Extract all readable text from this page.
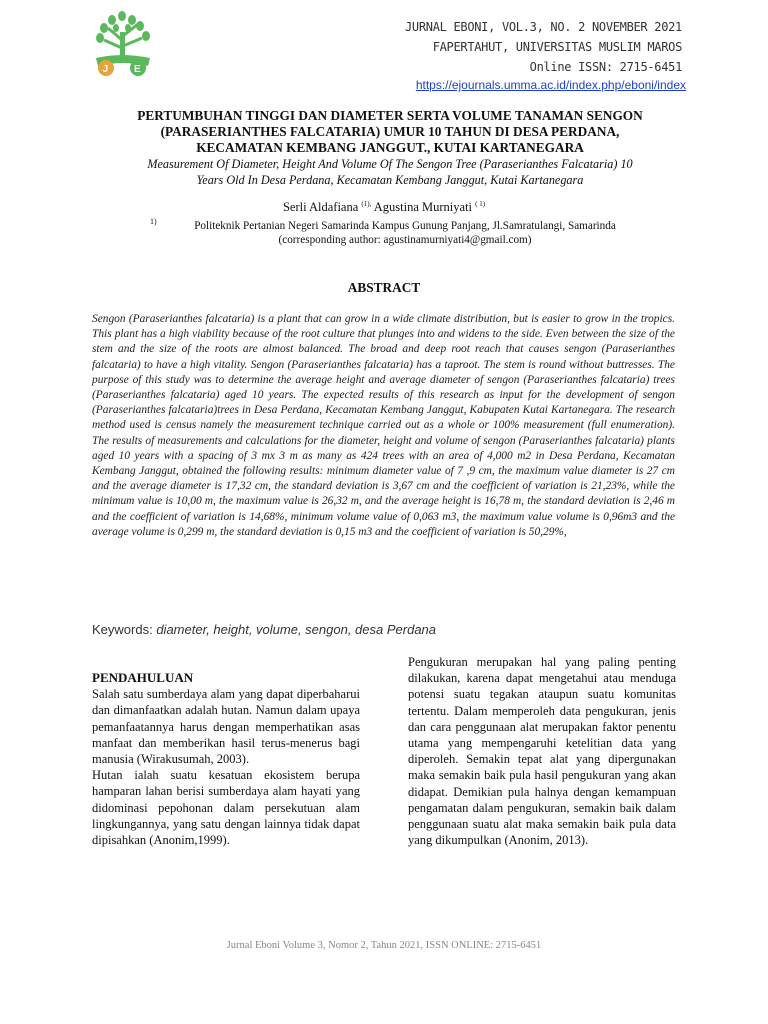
J	E
JURNAL EBONI, VOL.3, NO. 2 NOVEMBER 2021
FAPERTAHUT, UNIVERSITAS MUSLIM MAROS
Online ISSN: 2715-6451
https://ejournals.umma.ac.id/index.php/eboni/index
PERTUMBUHAN TINGGI DAN DIAMETER SERTA VOLUME TANAMAN SENGON
(PARASERIANTHES FALCATARIA) UMUR 10 TAHUN DI DESA PERDANA,
KECAMATAN KEMBANG JANGGUT., KUTAI KARTANEGARA
Measurement Of Diameter, Height And Volume Of The Sengon Tree (Paraserianthes Falcataria) 10
Years Old In Desa Perdana, Kecamatan Kembang Janggut, Kutai Kartanegara
Serli Aldafiana $^{(1),}$ Agustina Murniyati $^{( 1)}$
1)	Politeknik Pertanian Negeri Samarinda Kampus Gunung Panjang, Jl.Samratulangi, Samarinda
(corresponding author: agustinamurniyati4@gmail.com)
ABSTRACT
Sengon (Paraserianthes falcataria) is a plant that can grow in a wide climate distribution, but is easier to grow in the tropics. This plant has a high viability because of the root culture that plunges into and widens to the side. Even between the size of the stem and the size of the roots are almost balanced. The broad and deep root reach that causes sengon (Paraserianthes falcataria) to have a high vitality. Sengon (Paraserianthes falcataria) has a taproot. The stem is round without buttresses. The purpose of this study was to determine the average height and average diameter of sengon (Paraserianthes falcataria) trees (Paraserianthes falcataria) aged 10 years. The expected results of this research as input for the development of sengon (Paraserianthes falcataria)trees in Desa Perdana, Kecamatan Kembang Janggut, Kabupaten Kutai Kartanegara. The research method used is census namely the measurement technique carried out as a whole or 100% measurement (full enumeration). The results of measurements and calculations for the diameter, height and volume of sengon (Paraserianthes falcataria) plants aged 10 years with a spacing of 3 mx 3 m as many as 424 trees with an area of 4,000 m2 in Desa Perdana, Kecamatan Kembang Janggut, obtained the following results: minimum diameter value of 7 ,9 cm, the maximum value diameter is 27 cm and the average diameter is 17,32 cm, the standard deviation is 3,67 cm and the coefficient of variation is 21,23%, while the minimum value is 10,00 m, the maximum value is 26,32 m, and the average height is 16,78 m, the standard deviation is 2,46 m and the coefficient of variation is 14,68%, minimum volume value of 0,063 m3, the maximum value volume is 0,96m3 and the average volume is 0,299 m, the standard deviation is 0,15 m3 and the coefficient of variation is 50,29%,
Keywords: diameter, height, volume, sengon, desa Perdana
PENDAHULUAN

Salah satu sumberdaya alam yang dapat diperbaharui dan dimanfaatkan adalah hutan. Namun dalam upaya pemanfaatannya harus dengan memperhatikan asas manfaat dan memberikan hasil terus-menerus bagi manusia (Wirakusumah, 2003).

Hutan ialah suatu kesatuan ekosistem berupa hamparan lahan berisi sumberdaya alam hayati yang didominasi pepohonan dalam persekutuan alam lingkungannya, yang satu dengan lainnya tidak dapat dipisahkan (Anonim,1999).

Pengukuran merupakan hal yang paling penting dilakukan, karena dapat mengetahui atau menduga potensi suatu tegakan ataupun suatu komunitas tertentu. Dalam memperoleh data pengukuran, jenis dan cara penggunaan alat merupakan faktor penentu utama yang mempengaruhi ketelitian data yang diperoleh. Semakin tepat alat yang dipergunakan maka semakin baik pula hasil pengukuran yang akan didapat. Demikian pula halnya dengan kemampuan pengamatan dalam pengukuran, semakin baik dalam penggunaan suatu alat maka semakin baik pula data yang dikumpulkan (Anonim, 2013).

Jurnal Eboni Volume 3, Nomor 2, Tahun 2021, ISSN ONLINE: 2715-6451
